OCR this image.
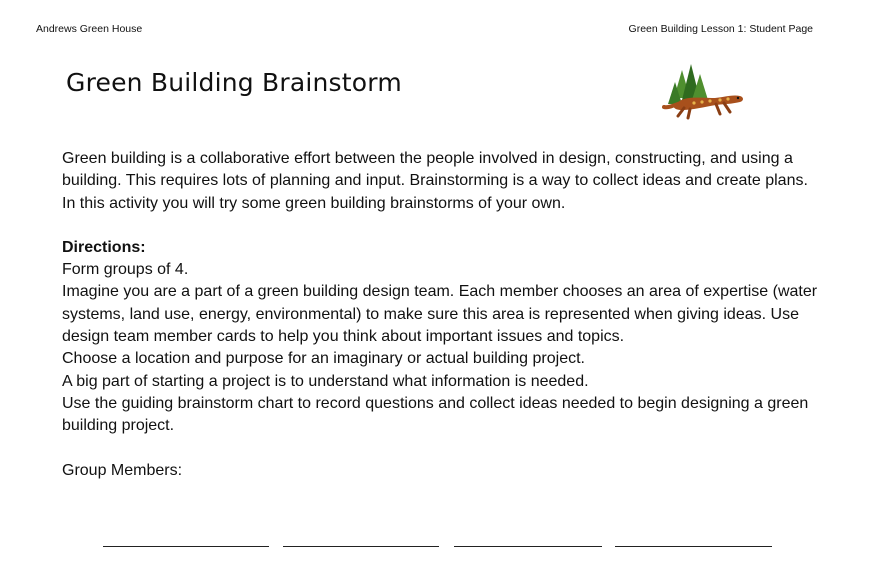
Andrews Green House	Green Building Lesson 1: Student Page
Green Building Brainstorm

Green building is a collaborative effort between the people involved in design, constructing, and using a building. This requires lots of planning and input. Brainstorming is a way to collect ideas and create plans. In this activity you will try some green building brainstorms of your own.

Directions:

Form groups of 4.

Imagine you are a part of a green building design team. Each member chooses an area of expertise (water systems, land use, energy, environmental) to make sure this area is represented when giving ideas. Use design team member cards to help you think about important issues and topics.

Choose a location and purpose for an imaginary or actual building project.

A big part of starting a project is to understand what information is needed.

Use the guiding brainstorm chart to record questions and collect ideas needed to begin designing a green building project.

Group Members:
